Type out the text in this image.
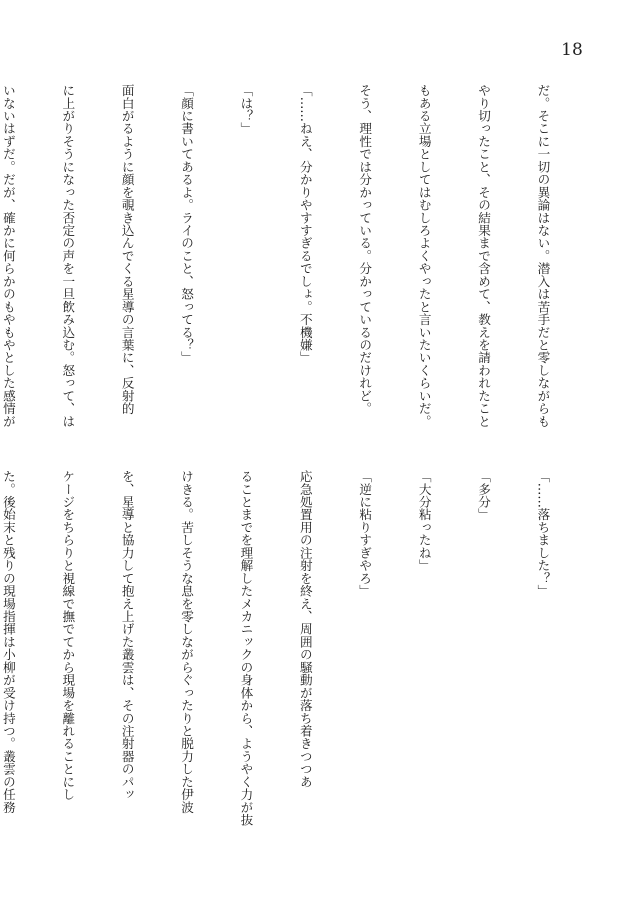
18

だ。そこに一切の異論はない。潜入は苦手だと零しながらも

やり切ったこと、その結果まで含めて、教えを請われたこと

もある立場としてはむしろよくやったと言いたいくらいだ。

そう、理性では分かっている。分かっているのだけれど。

「……ねえ、分かりやすすぎるでしょ。不機嫌」

「は？」

「顔に書いてあるよ。ライのこと、怒ってる？」

面白がるように顔を覗き込んでくる星導の言葉に、反射的

に上がりそうになった否定の声を一旦飲み込む。怒って、は

いないはずだ。だが、確かに何らかのもやもやとした感情が

「……落ちました？」

「多分」

「大分粘ったね」

「逆に粘りすぎやろ」

応急処置用の注射を終え、周囲の騒動が落ち着きつつあ

ることまでを理解したメカニックの身体から、ようやく力が抜

けきる。苦しそうな息を零しながらぐったりと脱力した伊波

を、星導と協力して抱え上げた叢雲は、その注射器のパッ

ケージをちらりと視線で撫でてから現場を離れることにし

た。後始末と残りの現場指揮は小柳が受け持つ。叢雲の任務
